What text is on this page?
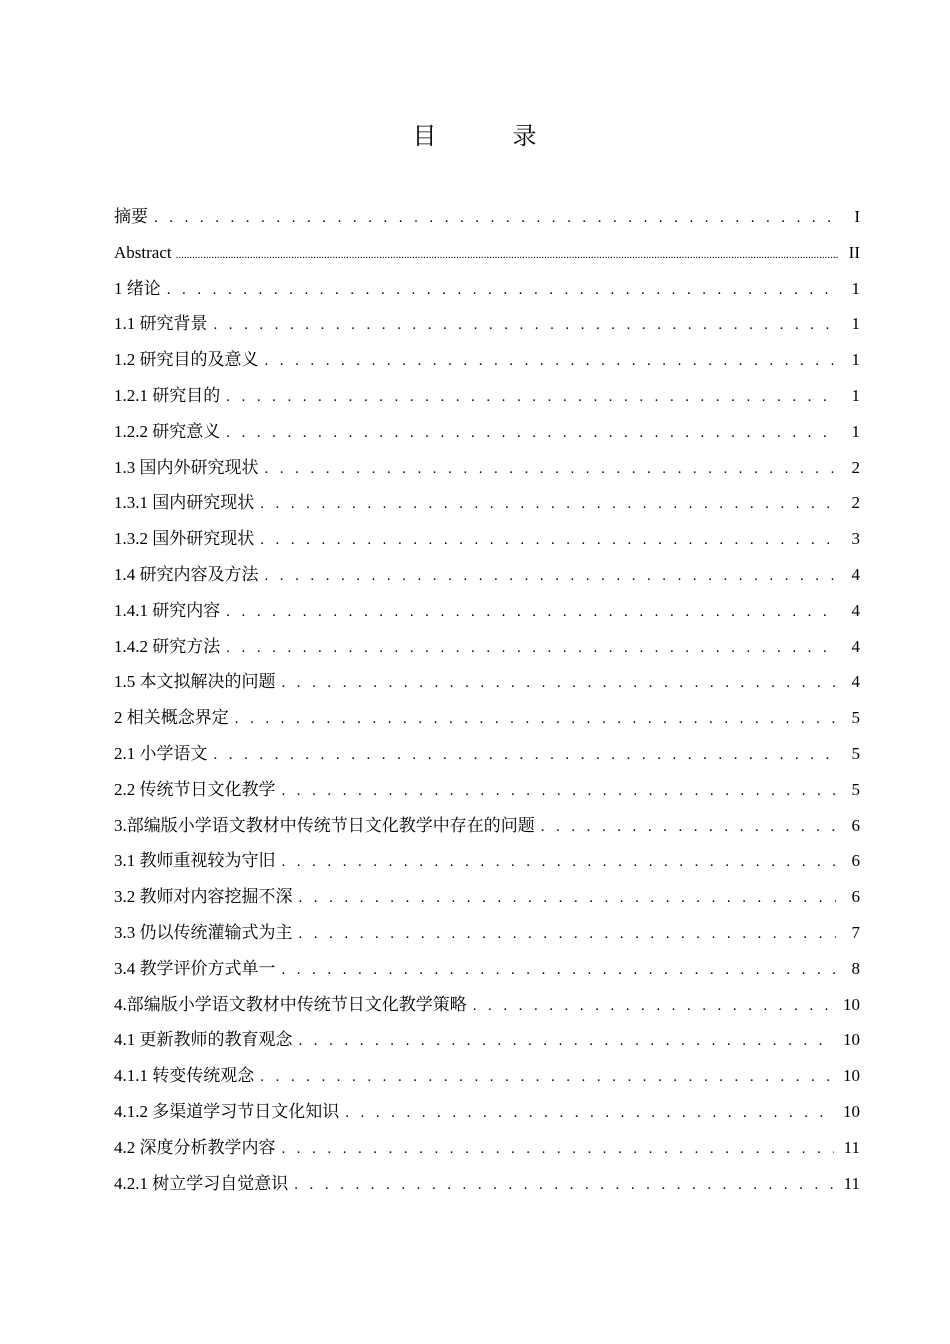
目　录
摘要 . . .	I
Abstract .....	II
1 绪论 . . .	1
1.1 研究背景 . . .	1
1.2 研究目的及意义 . . .	1
1.2.1 研究目的 . . .	1
1.2.2 研究意义 . . .	1
1.3 国内外研究现状 . . .	2
1.3.1 国内研究现状 . . .	2
1.3.2 国外研究现状 . . .	3
1.4 研究内容及方法 . . .	4
1.4.1 研究内容 . . .	4
1.4.2 研究方法 . . .	4
1.5 本文拟解决的问题 . . .	4
2 相关概念界定 . . .	5
2.1 小学语文 . . .	5
2.2 传统节日文化教学 . . .	5
3.部编版小学语文教材中传统节日文化教学中存在的问题 . . .	6
3.1 教师重视较为守旧 . . .	6
3.2 教师对内容挖掘不深 . . .	6
3.3 仍以传统灌输式为主 . . .	7
3.4 教学评价方式单一 . . .	8
4.部编版小学语文教材中传统节日文化教学策略 . . .	10
4.1 更新教师的教育观念 . . .	10
4.1.1 转变传统观念 . . .	10
4.1.2 多渠道学习节日文化知识 . . .	10
4.2 深度分析教学内容 . . .	11
4.2.1 树立学习自觉意识 . . .	11
